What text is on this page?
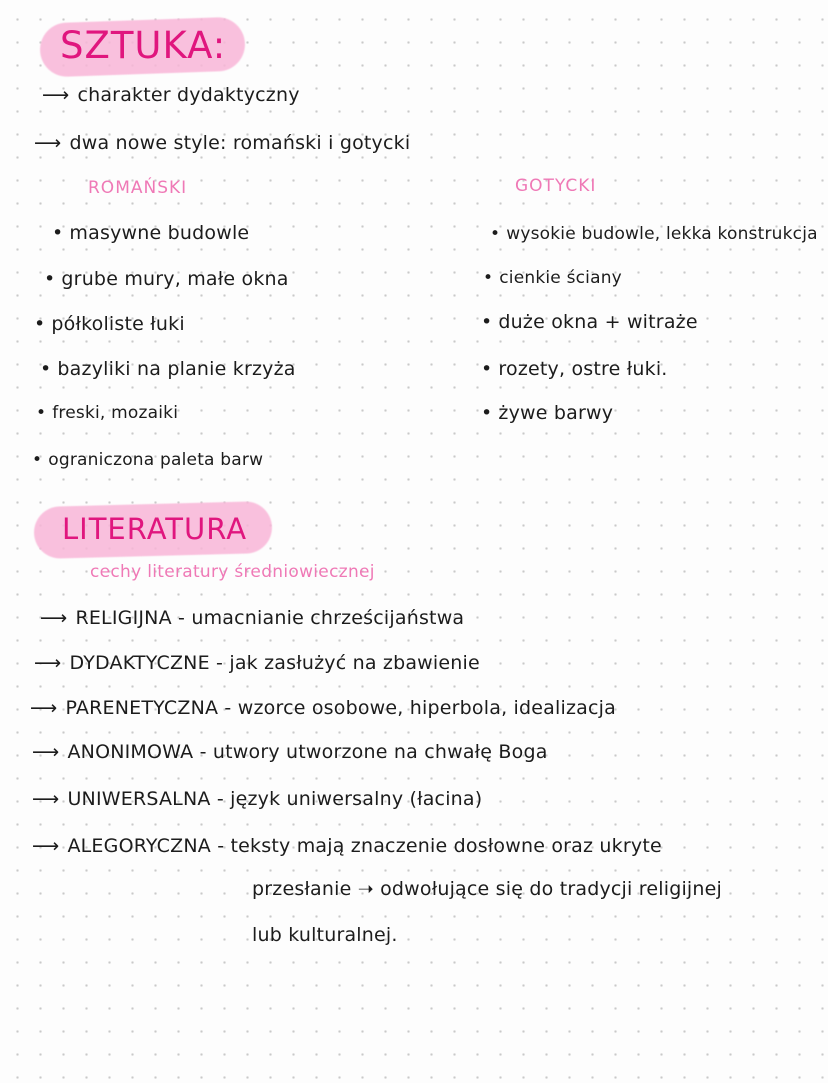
SZTUKA:
⟶ charakter dydaktyczny
⟶ dwa nowe style: romański i gotycki
ROMAŃSKI	GOTYCKI
• masywne budowle
• grube mury, małe okna
• półkoliste łuki
• bazyliki na planie krzyża
• freski, mozaiki
• ograniczona paleta barw
• wysokie budowle, lekka konstrukcja
• cienkie ściany
• duże okna + witraże
• rozety, ostre łuki.
• żywe barwy
LITERATURA
cechy literatury średniowiecznej
⟶ RELIGIJNA - umacnianie chrześcijaństwa
⟶ DYDAKTYCZNE - jak zasłużyć na zbawienie
⟶ PARENETYCZNA - wzorce osobowe, hiperbola, idealizacja
⟶ ANONIMOWA - utwory utworzone na chwałę Boga
⟶ UNIWERSALNA - język uniwersalny (łacina)
⟶ ALEGORYCZNA - teksty mają znaczenie dosłowne oraz ukryte
przesłanie ➝ odwołujące się do tradycji religijnej
lub kulturalnej.
